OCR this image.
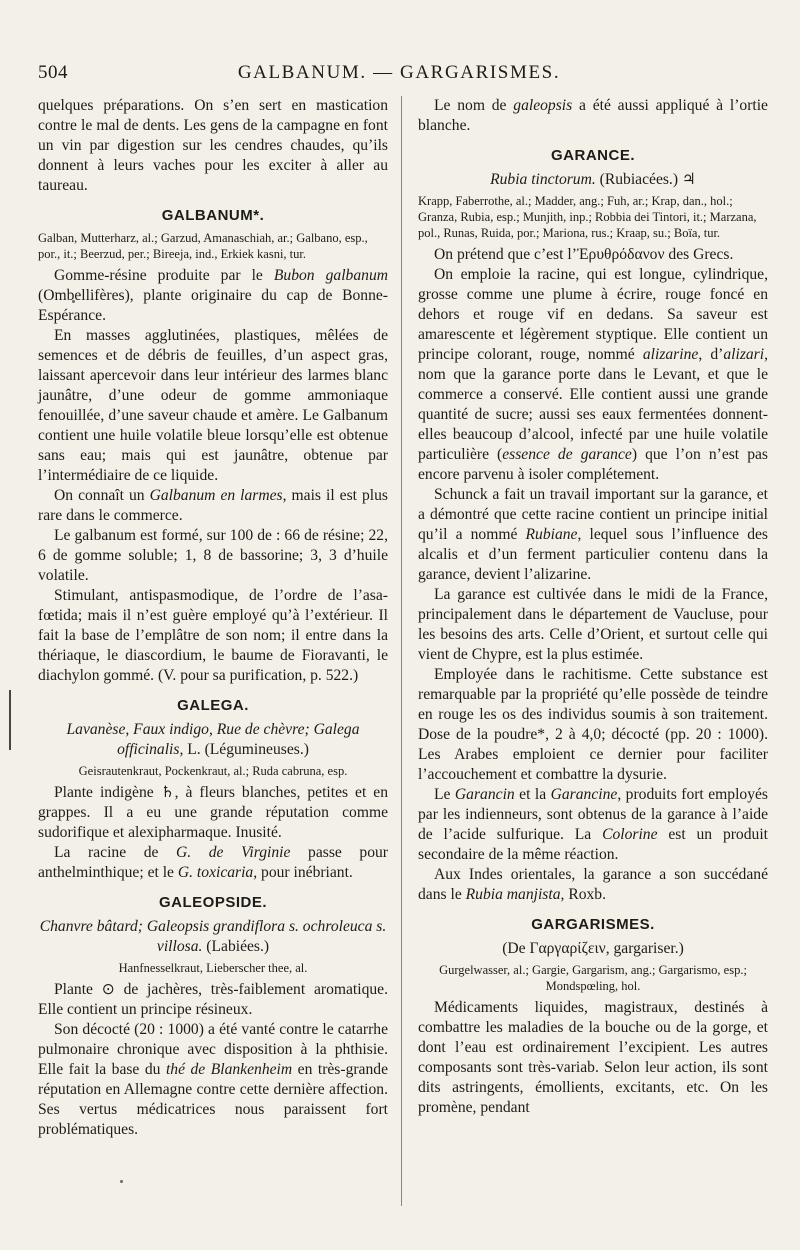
504	GALBANUM. — GARGARISMES.

quelques préparations. On s’en sert en mastication contre le mal de dents. Les gens de la campagne en font un vin par digestion sur les cendres chaudes, qu’ils donnent à leurs vaches pour les exciter à aller au taureau.

GALBANUM*.

Galban, Mutterharz, al.; Garzud, Amanaschiah, ar.; Galbano, esp., por., it.; Beerzud, per.; Bireeja, ind., Erkiek kasni, tur.

Gomme-résine produite par le Bubon galbanum (Ombellifères), plante originaire du cap de Bonne-Espérance.

En masses agglutinées, plastiques, mêlées de semences et de débris de feuilles, d’un aspect gras, laissant apercevoir dans leur intérieur des larmes blanc jaunâtre, d’une odeur de gomme ammoniaque fenouillée, d’une saveur chaude et amère. Le Galbanum contient une huile volatile bleue lorsqu’elle est obtenue sans eau; mais qui est jaunâtre, obtenue par l’intermédiaire de ce liquide.

On connaît un Galbanum en larmes, mais il est plus rare dans le commerce.

Le galbanum est formé, sur 100 de : 66 de résine; 22, 6 de gomme soluble; 1, 8 de bassorine; 3, 3 d’huile volatile.

Stimulant, antispasmodique, de l’ordre de l’asa-fœtida; mais il n’est guère employé qu’à l’extérieur. Il fait la base de l’emplâtre de son nom; il entre dans la thériaque, le diascordium, le baume de Fioravanti, le diachylon gommé. (V. pour sa purification, p. 522.)

GALEGA.

Lavanèse, Faux indigo, Rue de chèvre; Galega officinalis, L. (Légumineuses.)

Geisrautenkraut, Pockenkraut, al.; Ruda cabruna, esp.

Plante indigène ♄, à fleurs blanches, petites et en grappes. Il a eu une grande réputation comme sudorifique et alexipharmaque. Inusité.

La racine de G. de Virginie passe pour anthelminthique; et le G. toxicaria, pour inébriant.

GALEOPSIDE.

Chanvre bâtard; Galeopsis grandiflora s. ochroleuca s. villosa. (Labiées.)

Hanfnesselkraut, Lieberscher thee, al.

Plante ⊙ de jachères, très-faiblement aromatique. Elle contient un principe résineux.

Son décocté (20 : 1000) a été vanté contre le catarrhe pulmonaire chronique avec disposition à la phthisie. Elle fait la base du thé de Blankenheim en très-grande réputation en Allemagne contre cette dernière affection. Ses vertus médicatrices nous paraissent fort problématiques.

Le nom de galeopsis a été aussi appliqué à l’ortie blanche.

GARANCE.

Rubia tinctorum. (Rubiacées.) ♃

Krapp, Faberrothe, al.; Madder, ang.; Fuh, ar.; Krap, dan., hol.; Granza, Rubia, esp.; Munjith, inp.; Robbia dei Tintori, it.; Marzana, pol., Runas, Ruida, por.; Mariona, rus.; Kraap, su.; Boïa, tur.

On prétend que c’est l’Ἐρυθρόδανον des Grecs.

On emploie la racine, qui est longue, cylindrique, grosse comme une plume à écrire, rouge foncé en dehors et rouge vif en dedans. Sa saveur est amarescente et légèrement styptique. Elle contient un principe colorant, rouge, nommé alizarine, d’alizari, nom que la garance porte dans le Levant, et que le commerce a conservé. Elle contient aussi une grande quantité de sucre; aussi ses eaux fermentées donnent-elles beaucoup d’alcool, infecté par une huile volatile particulière (essence de garance) que l’on n’est pas encore parvenu à isoler complétement.

Schunck a fait un travail important sur la garance, et a démontré que cette racine contient un principe initial qu’il a nommé Rubiane, lequel sous l’influence des alcalis et d’un ferment particulier contenu dans la garance, devient l’alizarine.

La garance est cultivée dans le midi de la France, principalement dans le département de Vaucluse, pour les besoins des arts. Celle d’Orient, et surtout celle qui vient de Chypre, est la plus estimée.

Employée dans le rachitisme. Cette substance est remarquable par la propriété qu’elle possède de teindre en rouge les os des individus soumis à son traitement. Dose de la poudre*, 2 à 4,0; décocté (pp. 20 : 1000). Les Arabes emploient ce dernier pour faciliter l’accouchement et combattre la dysurie.

Le Garancin et la Garancine, produits fort employés par les indienneurs, sont obtenus de la garance à l’aide de l’acide sulfurique. La Colorine est un produit secondaire de la même réaction.

Aux Indes orientales, la garance a son succédané dans le Rubia manjista, Roxb.

GARGARISMES.

(De Γαργαρίζειν, gargariser.)

Gurgelwasser, al.; Gargie, Gargarism, ang.; Gargarismo, esp.; Mondspœling, hol.

Médicaments liquides, magistraux, destinés à combattre les maladies de la bouche ou de la gorge, et dont l’eau est ordinairement l’excipient. Les autres composants sont très-variab. Selon leur action, ils sont dits astringents, émollients, excitants, etc. On les promène, pendant
